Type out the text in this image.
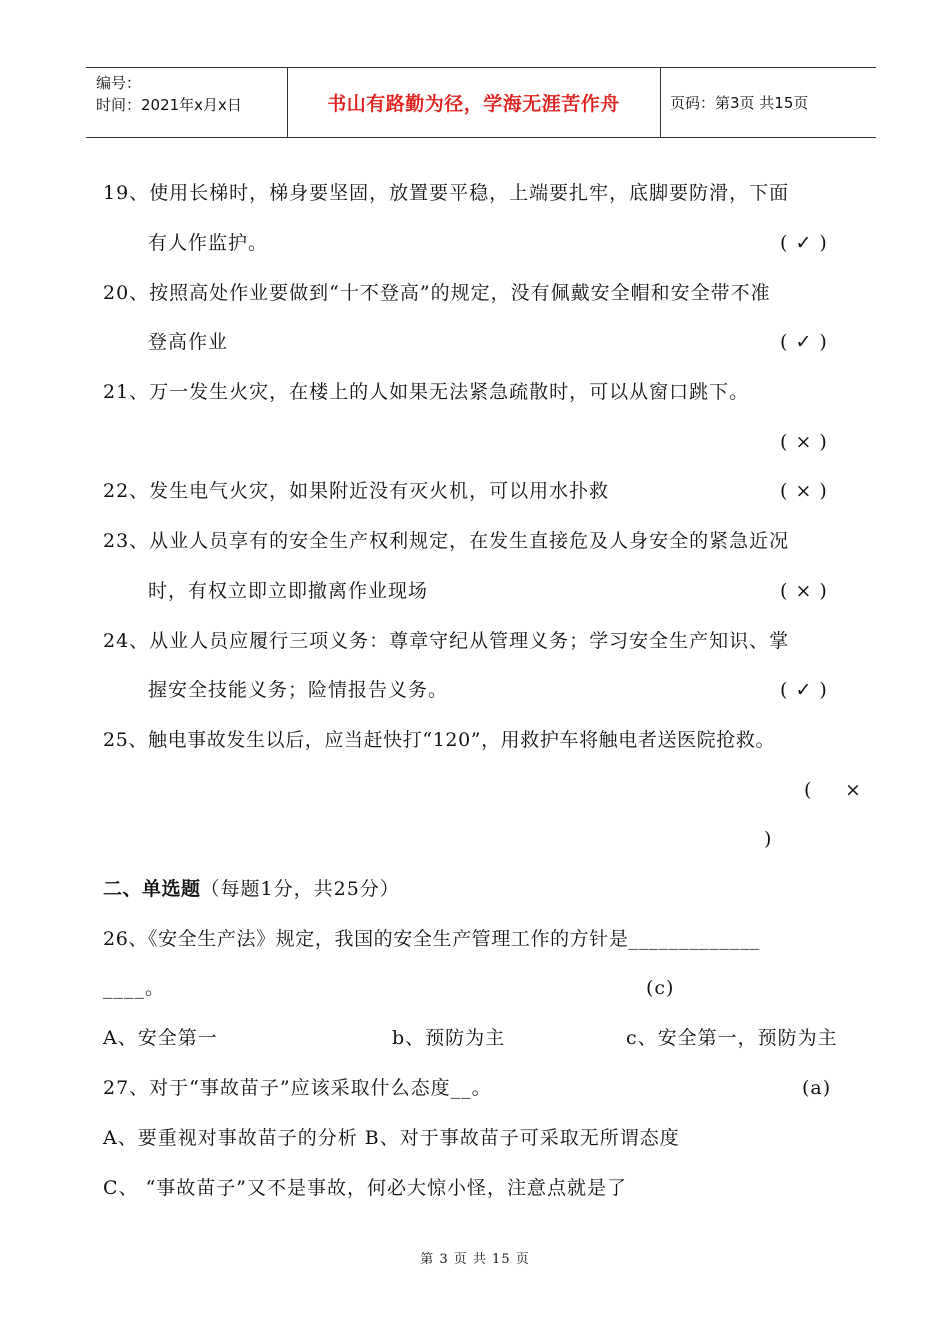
编号：
时间：2021年x月x日	书山有路勤为径，学海无涯苦作舟	页码：第3页 共15页
19、使用长梯时，梯身要坚固，放置要平稳，上端要扎牢，底脚要防滑，下面
有人作监护。	( ✓ )
20、按照高处作业要做到“十不登高”的规定，没有佩戴安全帽和安全带不准
登高作业	( ✓ )
21、万一发生火灾，在楼上的人如果无法紧急疏散时，可以从窗口跳下。
( × )
22、发生电气火灾，如果附近没有灭火机，可以用水扑救	( × )
23、从业人员享有的安全生产权利规定，在发生直接危及人身安全的紧急近况
时，有权立即立即撤离作业现场	( × )
24、从业人员应履行三项义务：尊章守纪从管理义务；学习安全生产知识、掌
握安全技能义务；险情报告义务。	( ✓ )
25、触电事故发生以后，应当赶快打“120”，用救护车将触电者送医院抢救。
( ×
)
二、单选题（每题1分，共25分）
26、《安全生产法》规定，我国的安全生产管理工作的方针是_____________
____。	(c)
A、安全第一	b、预防为主	c、安全第一，预防为主
27、对于“事故苗子”应该采取什么态度__。	(a)
A、要重视对事故苗子的分析 B、对于事故苗子可采取无所谓态度
C、 “事故苗子”又不是事故，何必大惊小怪，注意点就是了
第 3 页 共 15 页
